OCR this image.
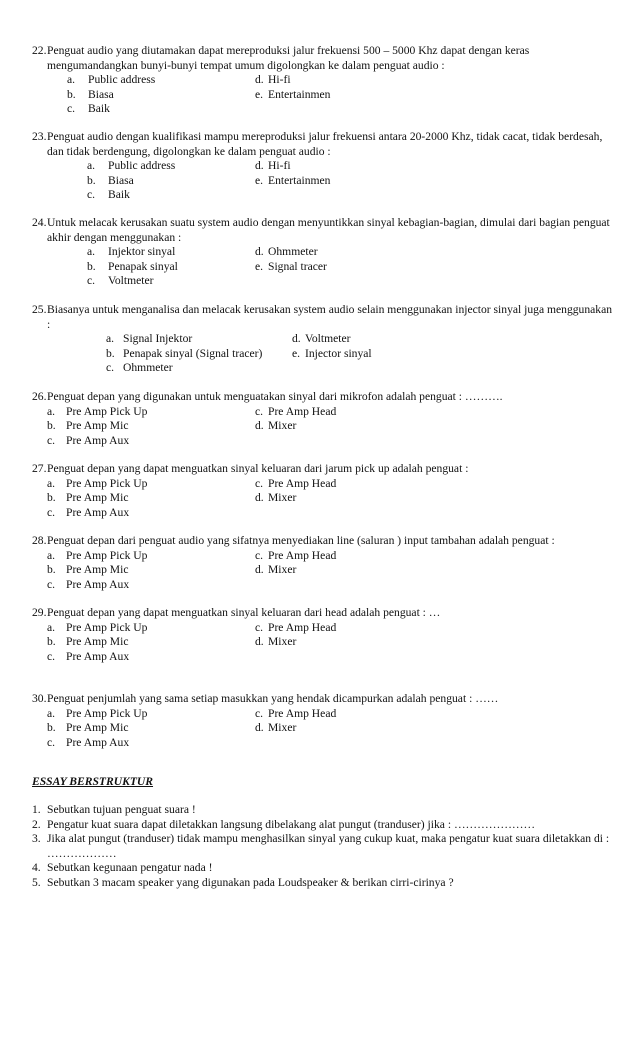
22.Penguat audio yang diutamakan dapat mereproduksi jalur frekuensi 500 – 5000 Khz dapat dengan keras mengumandangkan bunyi-bunyi tempat umum digolongkan ke dalam penguat audio :

a. Public address	d. Hi-fi
b. Biasa	e. Entertainmen
c. Baik

23.Penguat audio dengan kualifikasi mampu mereproduksi jalur frekuensi antara 20-2000 Khz, tidak cacat, tidak berdesah, dan tidak berdengung, digolongkan ke dalam penguat audio :

a. Public address	d. Hi-fi
b. Biasa	e. Entertainmen
c. Baik

24.Untuk melacak kerusakan suatu system audio dengan menyuntikkan sinyal kebagian-bagian, dimulai dari bagian penguat akhir dengan menggunakan :

a. Injektor sinyal	d. Ohmmeter
b. Penapak sinyal	e. Signal tracer
c. Voltmeter

25.Biasanya untuk menganalisa dan melacak kerusakan system audio selain menggunakan injector sinyal juga menggunakan :

a. Signal Injektor	d. Voltmeter
b. Penapak sinyal (Signal tracer)	e. Injector sinyal
c. Ohmmeter

26.Penguat depan yang digunakan untuk menguatakan sinyal dari mikrofon adalah penguat : ……….

a. Pre Amp Pick Up	c. Pre Amp Head
b. Pre Amp Mic	d. Mixer
c. Pre Amp Aux

27.Penguat depan yang dapat menguatkan sinyal keluaran dari jarum pick up adalah penguat :

a. Pre Amp Pick Up	c. Pre Amp Head
b. Pre Amp Mic	d. Mixer
c. Pre Amp Aux

28.Penguat depan dari penguat audio yang sifatnya menyediakan line (saluran ) input tambahan adalah penguat :

a. Pre Amp Pick Up	c. Pre Amp Head
b. Pre Amp Mic	d. Mixer
c. Pre Amp Aux

29.Penguat depan yang dapat menguatkan sinyal keluaran dari head adalah penguat : …

a. Pre Amp Pick Up	c. Pre Amp Head
b. Pre Amp Mic	d. Mixer
c. Pre Amp Aux

30.Penguat penjumlah yang sama setiap masukkan yang hendak dicampurkan adalah penguat : ……

a. Pre Amp Pick Up	c. Pre Amp Head
b. Pre Amp Mic	d. Mixer
c. Pre Amp Aux
ESSAY BERSTRUKTUR
1. Sebutkan tujuan penguat suara !
2. Pengatur kuat suara dapat diletakkan langsung dibelakang alat pungut (tranduser) jika : …………………
3. Jika alat pungut (tranduser) tidak mampu menghasilkan sinyal yang cukup kuat, maka pengatur kuat suara diletakkan di : ………………
4. Sebutkan kegunaan pengatur nada !
5. Sebutkan 3 macam speaker yang digunakan pada Loudspeaker & berikan cirri-cirinya ?
